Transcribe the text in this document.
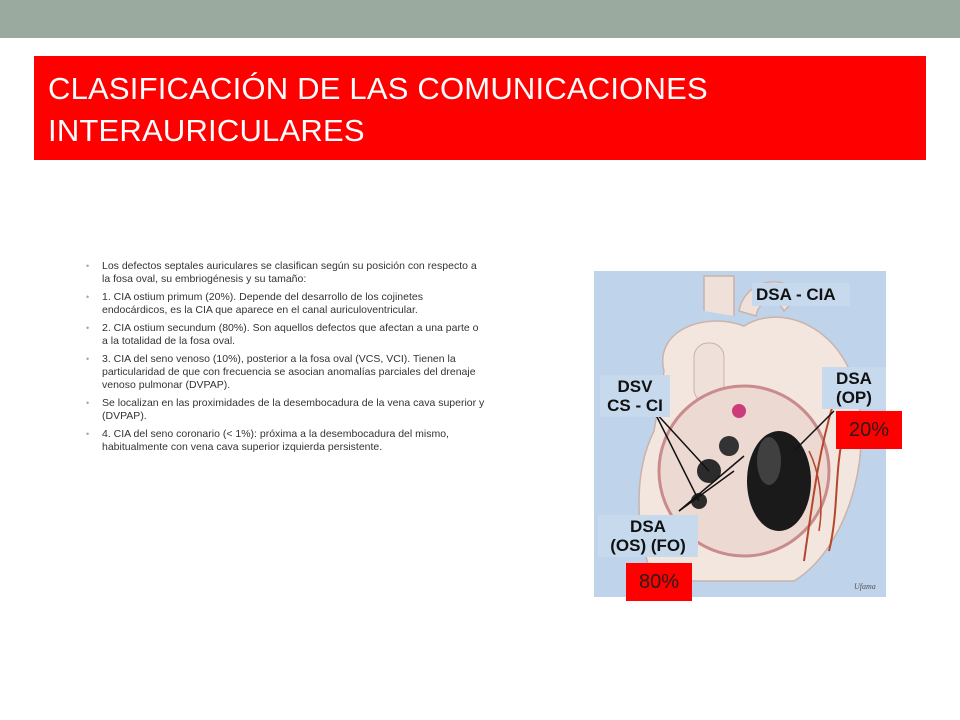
CLASIFICACIÓN DE LAS COMUNICACIONES INTERAURICULARES
• Los defectos septales auriculares se clasifican según su posición con respecto a la fosa oval, su embriogénesis y su tamaño:
• 1. CIA ostium primum (20%). Depende del desarrollo de los cojinetes endocárdicos, es la CIA que aparece en el canal auriculoventricular.
• 2. CIA ostium secundum (80%). Son aquellos defectos que afectan a una parte o a la totalidad de la fosa oval.
• 3. CIA del seno venoso (10%), posterior a la fosa oval (VCS, VCI). Tienen la particularidad de que con frecuencia se asocian anomalías parciales del drenaje venoso pulmonar (DVPAP).
• Se localizan en las proximidades de la desembocadura de la vena cava superior y (DVPAP).
• 4. CIA del seno coronario (< 1%): próxima a la desembocadura del mismo, habitualmente con vena cava superior izquierda persistente.
Ufama
DSA - CIA
DSV
CS - CI
DSA
(OP)
DSA
(OS) (FO)
20%
80%
